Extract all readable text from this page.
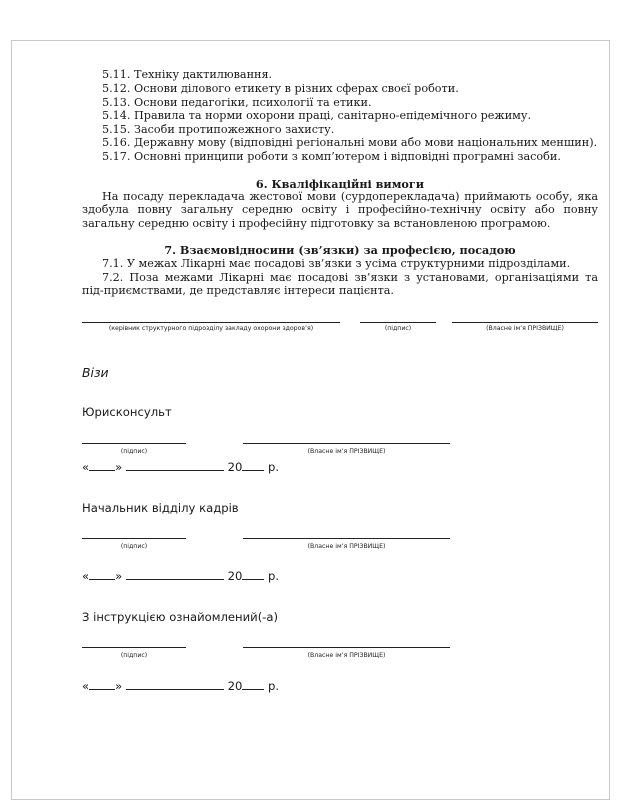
5.11. Техніку дактилювання.
5.12. Основи ділового етикету в різних сферах своєї роботи.
5.13. Основи педагогіки, психології та етики.
5.14. Правила та норми охорони праці, санітарно-епідемічного режиму.
5.15. Засоби протипожежного захисту.
5.16. Державну мову (відповідні регіональні мови або мови національних меншин).
5.17. Основні принципи роботи з комп’ютером і відповідні програмні засоби.
6. Кваліфікаційні вимоги
На посаду перекладача жестової мови (сурдоперекладача) приймають особу, яка здобула повну загальну середню освіту і професійно-технічну освіту або повну загальну середню освіту і професійну підготовку за встановленою програмою.
7. Взаємовідносини (зв’язки) за професією, посадою
7.1. У межах Лікарні має посадові зв’язки з усіма структурними підрозділами.
7.2. Поза межами Лікарні має посадові зв’язки з установами, організаціями та під-приємствами, де представляє інтереси пацієнта.
(керівник структурного підрозділу закладу охорони здоров’я)	(підпис)	(Власне ім’я ПРІЗВИЩЕ)
Візи
Юрисконсульт
(підпис)	(Власне ім’я ПРІЗВИЩЕ)
« »	20 р.
Начальник відділу кадрів
(підпис)	(Власне ім’я ПРІЗВИЩЕ)
« »	20 р.
З інструкцією ознайомлений(-а)
(підпис)	(Власне ім’я ПРІЗВИЩЕ)
« »	20 р.
